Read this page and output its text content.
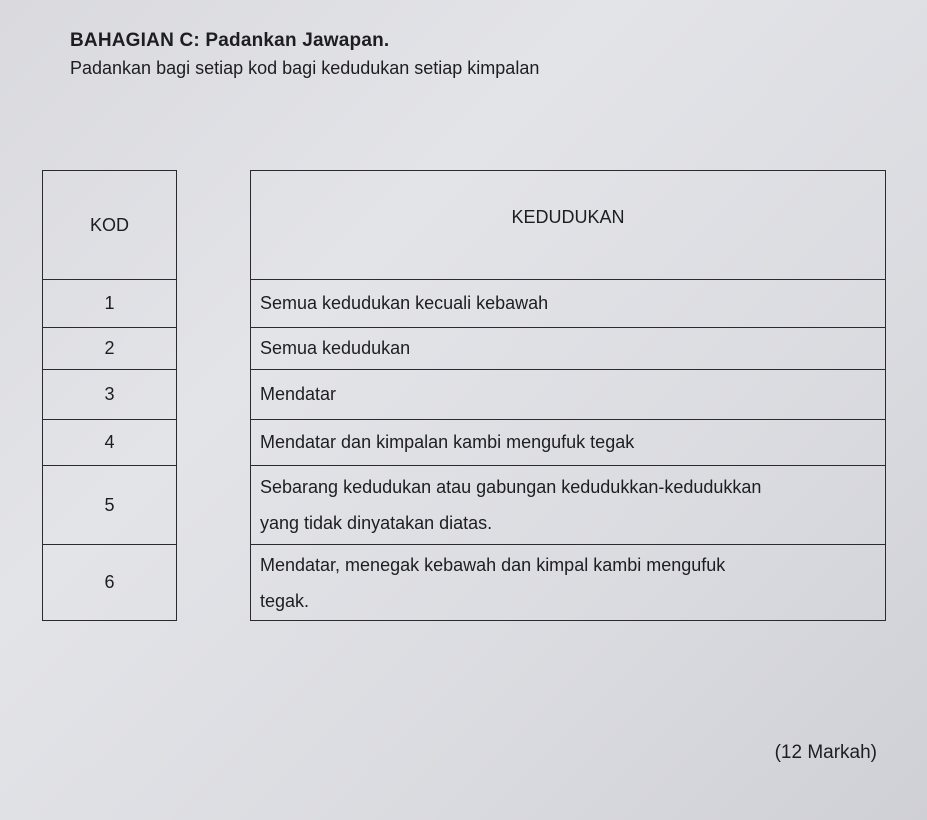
BAHAGIAN C: Padankan Jawapan.
Padankan bagi setiap kod bagi kedudukan setiap kimpalan
KOD
1
2
3
4
5
6
KEDUDUKAN
Semua kedudukan kecuali kebawah
Semua kedudukan
Mendatar
Mendatar dan kimpalan kambi mengufuk tegak
Sebarang kedudukan atau gabungan kedudukkan-kedudukkan
yang tidak dinyatakan diatas.
Mendatar, menegak kebawah dan kimpal kambi mengufuk
tegak.
(12 Markah)
